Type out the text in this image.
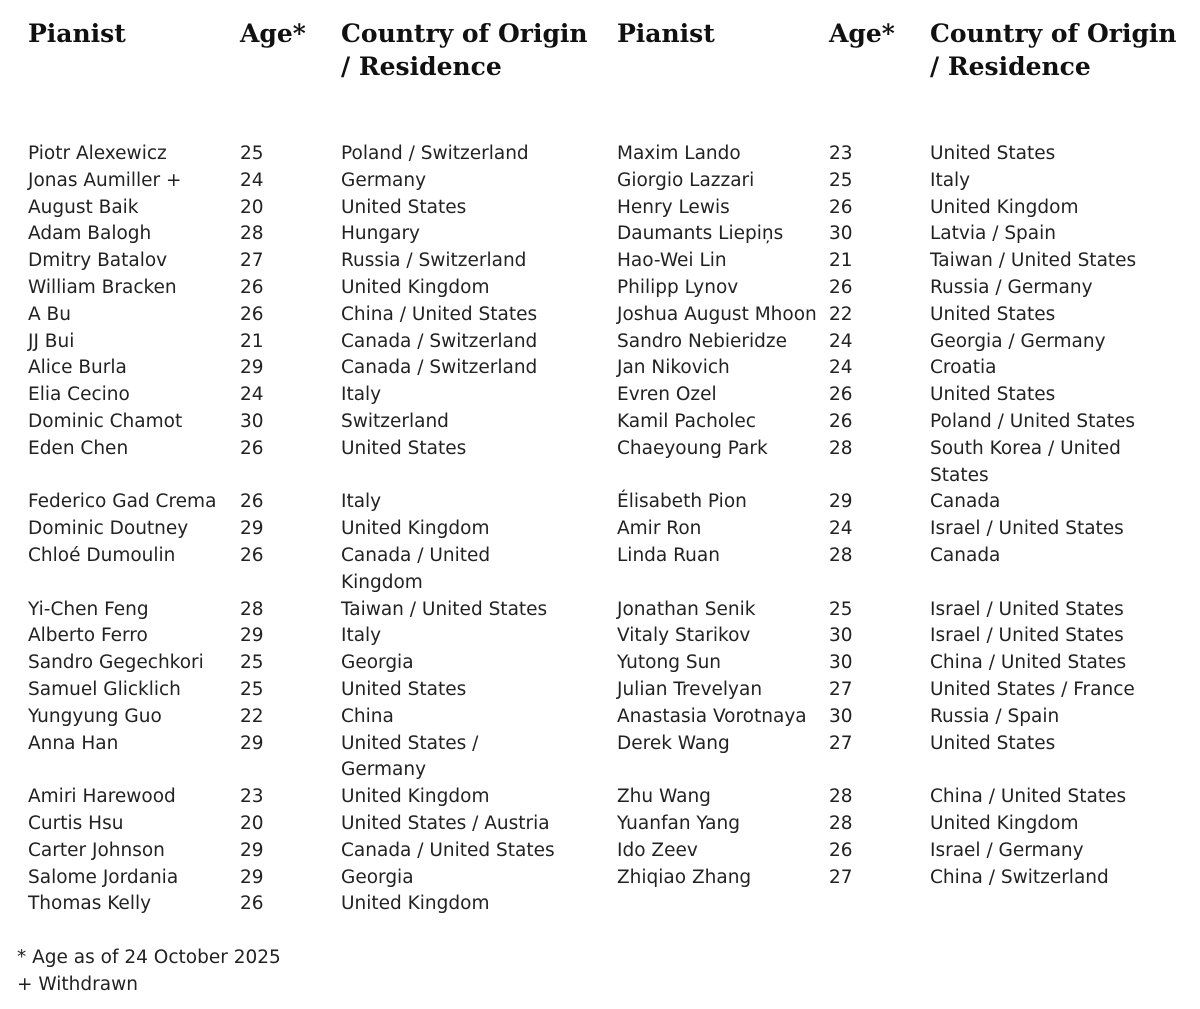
Pianist	Age*	Country of Origin / Residence
Piotr Alexewicz	25	Poland / Switzerland
Jonas Aumiller +	24	Germany
August Baik	20	United States
Adam Balogh	28	Hungary
Dmitry Batalov	27	Russia / Switzerland
William Bracken	26	United Kingdom
A Bu	26	China / United States
JJ Bui	21	Canada / Switzerland
Alice Burla	29	Canada / Switzerland
Elia Cecino	24	Italy
Dominic Chamot	30	Switzerland
Eden Chen	26	United States
Federico Gad Crema 26	Italy
Dominic Doutney	29	United Kingdom
Chloé Dumoulin	26	Canada / United Kingdom
Yi-Chen Feng	28	Taiwan / United States
Alberto Ferro	29	Italy
Sandro Gegechkori 25	Georgia
Samuel Glicklich	25	United States
Yungyung Guo	22	China
Anna Han	29	United States / Germany
Amiri Harewood	23	United Kingdom
Curtis Hsu	20	United States / Austria
Carter Johnson	29	Canada / United States
Salome Jordania	29	Georgia
Thomas Kelly	26	United Kingdom
Pianist	Age*	Country of Origin / Residence
Maxim Lando	23	United States
Giorgio Lazzari	25	Italy
Henry Lewis	26	United Kingdom
Daumants Liepiņs 30	Latvia / Spain
Hao-Wei Lin	21	Taiwan / United States
Philipp Lynov	26	Russia / Germany
Joshua August Mhoon 22	United States
Sandro Nebieridze 24	Georgia / Germany
Jan Nikovich	24	Croatia
Evren Ozel	26	United States
Kamil Pacholec	26	Poland / United States
Chaeyoung Park	28	South Korea / United States
Élisabeth Pion	29	Canada
Amir Ron	24	Israel / United States
Linda Ruan	28	Canada
Jonathan Senik	25	Israel / United States
Vitaly Starikov	30	Israel / United States
Yutong Sun	30	China / United States
Julian Trevelyan	27	United States / France
Anastasia Vorotnaya 30	Russia / Spain
Derek Wang	27	United States
Zhu Wang	28	China / United States
Yuanfan Yang	28	United Kingdom
Ido Zeev	26	Israel / Germany
Zhiqiao Zhang	27	China / Switzerland
* Age as of 24 October 2025
+ Withdrawn
